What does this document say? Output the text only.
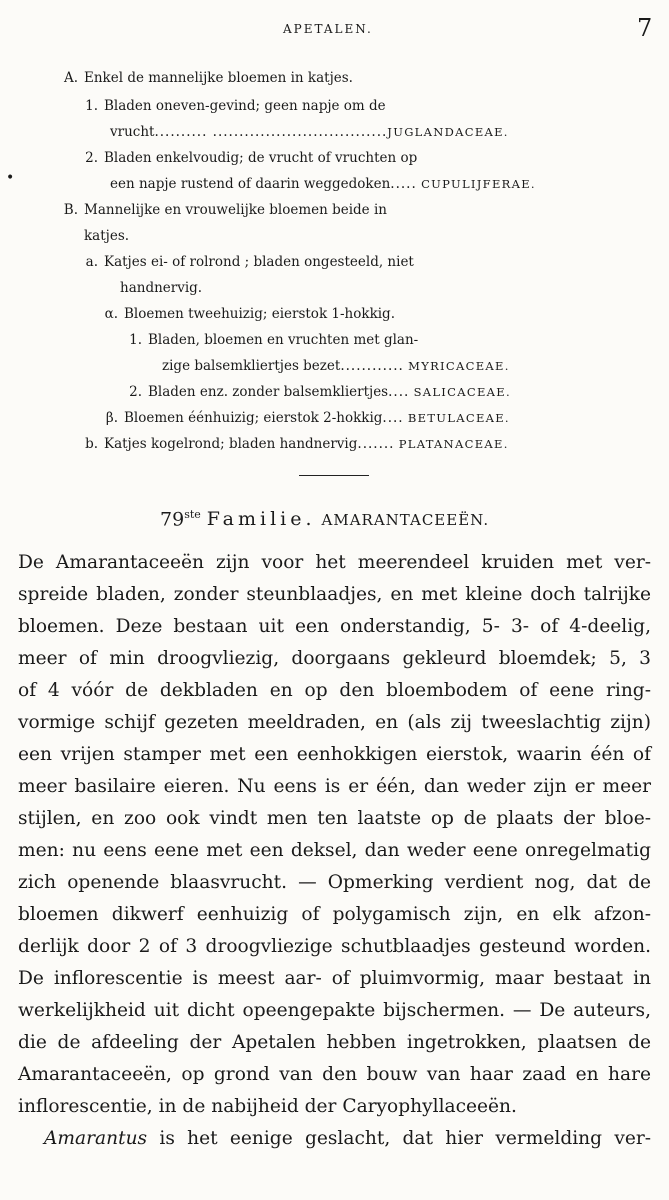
APETALEN.	7
•
A. Enkel de mannelijke bloemen in katjes.
1. Bladen oneven-gevind; geen napje om de
vrucht.......... .................................JUGLANDACEAE.
2. Bladen enkelvoudig; de vrucht of vruchten op
een napje rustend of daarin weggedoken..... CUPULIJFERAE.
B. Mannelijke en vrouwelijke bloemen beide in
katjes.
a. Katjes ei- of rolrond ; bladen ongesteeld, niet
handnervig.
α. Bloemen tweehuizig; eierstok 1-hokkig.
1. Bladen, bloemen en vruchten met glan-
zige balsemkliertjes bezet............ MYRICACEAE.
2. Bladen enz. zonder balsemkliertjes.... SALICACEAE.
β. Bloemen éénhuizig; eierstok 2-hokkig.... BETULACEAE.
b. Katjes kogelrond; bladen handnervig....... PLATANACEAE.
79ste Familie. AMARANTACEEËN.
De Amarantaceeën zijn voor het meerendeel kruiden met ver-
spreide bladen, zonder steunblaadjes, en met kleine doch talrijke
bloemen. Deze bestaan uit een onderstandig, 5- 3- of 4-deelig,
meer of min droogvliezig, doorgaans gekleurd bloemdek; 5, 3
of 4 vóór de dekbladen en op den bloembodem of eene ring-
vormige schijf gezeten meeldraden, en (als zij tweeslachtig zijn)
een vrijen stamper met een eenhokkigen eierstok, waarin één of
meer basilaire eieren. Nu eens is er één, dan weder zijn er meer
stijlen, en zoo ook vindt men ten laatste op de plaats der bloe-
men: nu eens eene met een deksel, dan weder eene onregelmatig
zich openende blaasvrucht. — Opmerking verdient nog, dat de
bloemen dikwerf eenhuizig of polygamisch zijn, en elk afzon-
derlijk door 2 of 3 droogvliezige schutblaadjes gesteund worden.
De inflorescentie is meest aar- of pluimvormig, maar bestaat in
werkelijkheid uit dicht opeengepakte bijschermen. — De auteurs,
die de afdeeling der Apetalen hebben ingetrokken, plaatsen de
Amarantaceeën, op grond van den bouw van haar zaad en hare
inflorescentie, in de nabijheid der Caryophyllaceeën.
Amarantus is het eenige geslacht, dat hier vermelding ver-
